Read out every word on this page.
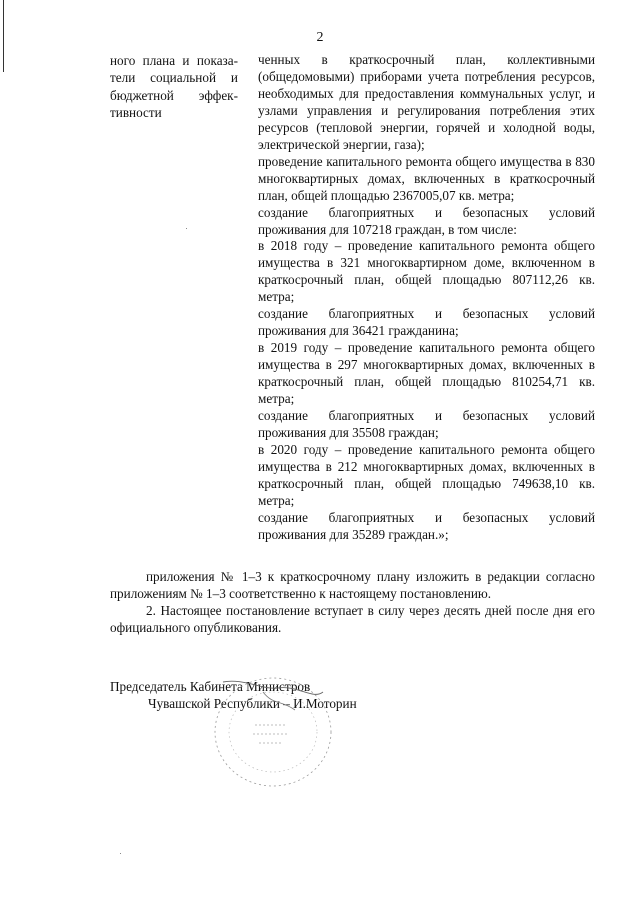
2
ного плана и показа-
тели социальной и
бюджетной эффек-
тивности

ченных в краткосрочный план, коллективными (общедомовыми) приборами учета потребления ресурсов, необходимых для предоставления коммунальных услуг, и узлами управления и регулирования потребления этих ресурсов (тепловой энергии, горячей и холодной воды, электрической энергии, газа);

проведение капитального ремонта общего имущества в 830 многоквартирных домах, включенных в краткосрочный план, общей площадью 2367005,07 кв. метра;

создание благоприятных и безопасных условий проживания для 107218 граждан, в том числе:

в 2018 году – проведение капитального ремонта общего имущества в 321 многоквартирном доме, включенном в краткосрочный план, общей площадью 807112,26 кв. метра;

создание благоприятных и безопасных условий проживания для 36421 гражданина;

в 2019 году – проведение капитального ремонта общего имущества в 297 многоквартирных домах, включенных в краткосрочный план, общей площадью 810254,71 кв. метра;

создание благоприятных и безопасных условий проживания для 35508 граждан;

в 2020 году – проведение капитального ремонта общего имущества в 212 многоквартирных домах, включенных в краткосрочный план, общей площадью 749638,10 кв. метра;

создание благоприятных и безопасных условий проживания для 35289 граждан.»;

приложения № 1–3 к краткосрочному плану изложить в редакции согласно приложениям № 1–3 соответственно к настоящему постановлению.

2. Настоящее постановление вступает в силу через десять дней после дня его официального опубликования.

Председатель Кабинета Министров
Чувашской Республики – И.Моторин
